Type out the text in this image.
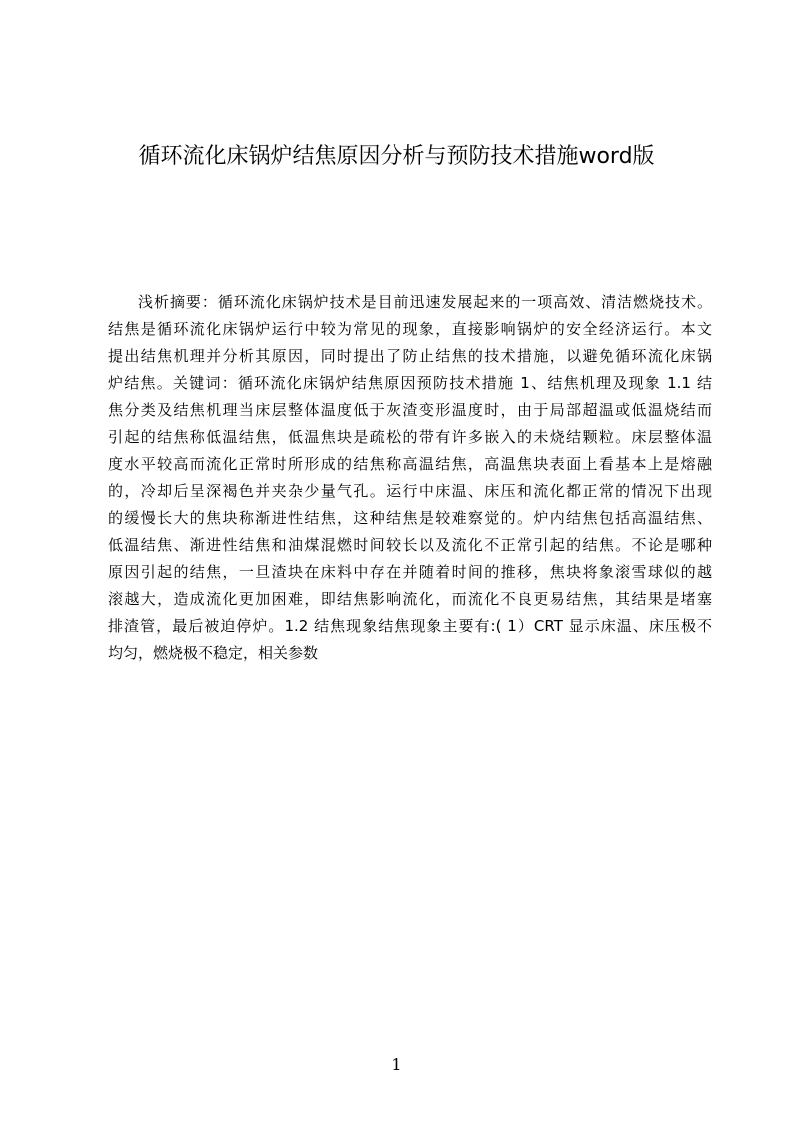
循环流化床锅炉结焦原因分析与预防技术措施word版
浅析摘要：循环流化床锅炉技术是目前迅速发展起来的一项高效、清洁燃烧技术。
结焦是循环流化床锅炉运行中较为常见的现象，直接影响锅炉的安全经济运行。本文
提出结焦机理并分析其原因，同时提出了防止结焦的技术措施，以避免循环流化床锅
炉结焦。关键词：循环流化床锅炉结焦原因预防技术措施 1、结焦机理及现象 1.1 结
焦分类及结焦机理当床层整体温度低于灰渣变形温度时，由于局部超温或低温烧结而
引起的结焦称低温结焦，低温焦块是疏松的带有许多嵌入的未烧结颗粒。床层整体温
度水平较高而流化正常时所形成的结焦称高温结焦，高温焦块表面上看基本上是熔融
的，冷却后呈深褐色并夹杂少量气孔。运行中床温、床压和流化都正常的情况下出现
的缓慢长大的焦块称渐进性结焦，这种结焦是较难察觉的。炉内结焦包括高温结焦、
低温结焦、渐进性结焦和油煤混燃时间较长以及流化不正常引起的结焦。不论是哪种
原因引起的结焦，一旦渣块在床料中存在并随着时间的推移，焦块将象滚雪球似的越
滚越大，造成流化更加困难，即结焦影响流化，而流化不良更易结焦，其结果是堵塞
排渣管，最后被迫停炉。1.2 结焦现象结焦现象主要有:( 1）CRT 显示床温、床压极不
均匀，燃烧极不稳定，相关参数
1
